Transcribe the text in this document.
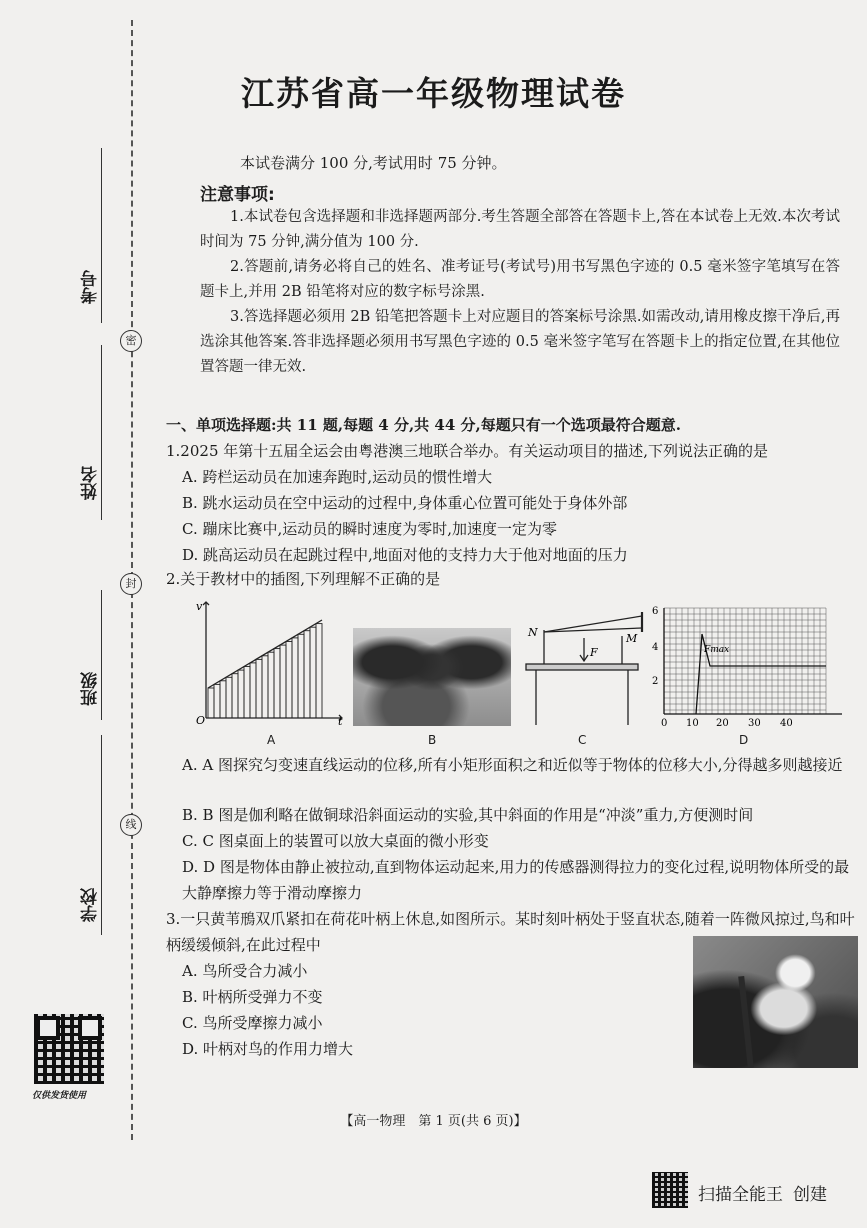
密
封
线
考号
姓名
班级
学校
仅供发货使用
江苏省高一年级物理试卷
本试卷满分 100 分,考试用时 75 分钟。
注意事项:
1.本试卷包含选择题和非选择题两部分.考生答题全部答在答题卡上,答在本试卷上无效.本次考试时间为 75 分钟,满分值为 100 分.
2.答题前,请务必将自己的姓名、准考证号(考试号)用书写黑色字迹的 0.5 毫米签字笔填写在答题卡上,并用 2B 铅笔将对应的数字标号涂黑.
3.答选择题必须用 2B 铅笔把答题卡上对应题目的答案标号涂黑.如需改动,请用橡皮擦干净后,再选涂其他答案.答非选择题必须用书写黑色字迹的 0.5 毫米签字笔写在答题卡上的指定位置,在其他位置答题一律无效.
一、单项选择题:共 11 题,每题 4 分,共 44 分,每题只有一个选项最符合题意.
1.2025 年第十五届全运会由粤港澳三地联合举办。有关运动项目的描述,下列说法正确的是
A. 跨栏运动员在加速奔跑时,运动员的惯性增大
B. 跳水运动员在空中运动的过程中,身体重心位置可能处于身体外部
C. 蹦床比赛中,运动员的瞬时速度为零时,加速度一定为零
D. 跳高运动员在起跳过程中,地面对他的支持力大于他对地面的压力
2.关于教材中的插图,下列理解不正确的是
v
O	t
A	B
N	M
F
C
6
4
2
0 10 20 30 40
Fmax
D
A. A 图探究匀变速直线运动的位移,所有小矩形面积之和近似等于物体的位移大小,分得越多则越接近
B. B 图是伽利略在做铜球沿斜面运动的实验,其中斜面的作用是“冲淡”重力,方便测时间
C. C 图桌面上的装置可以放大桌面的微小形变
D. D 图是物体由静止被拉动,直到物体运动起来,用力的传感器测得拉力的变化过程,说明物体所受的最大静摩擦力等于滑动摩擦力
3.一只黄苇鳽双爪紧扣在荷花叶柄上休息,如图所示。某时刻叶柄处于竖直状态,随着一阵微风掠过,鸟和叶柄缓缓倾斜,在此过程中
A. 鸟所受合力减小
B. 叶柄所受弹力不变
C. 鸟所受摩擦力减小
D. 叶柄对鸟的作用力增大
【高一物理　第 1 页(共 6 页)】
扫描全能王 创建
